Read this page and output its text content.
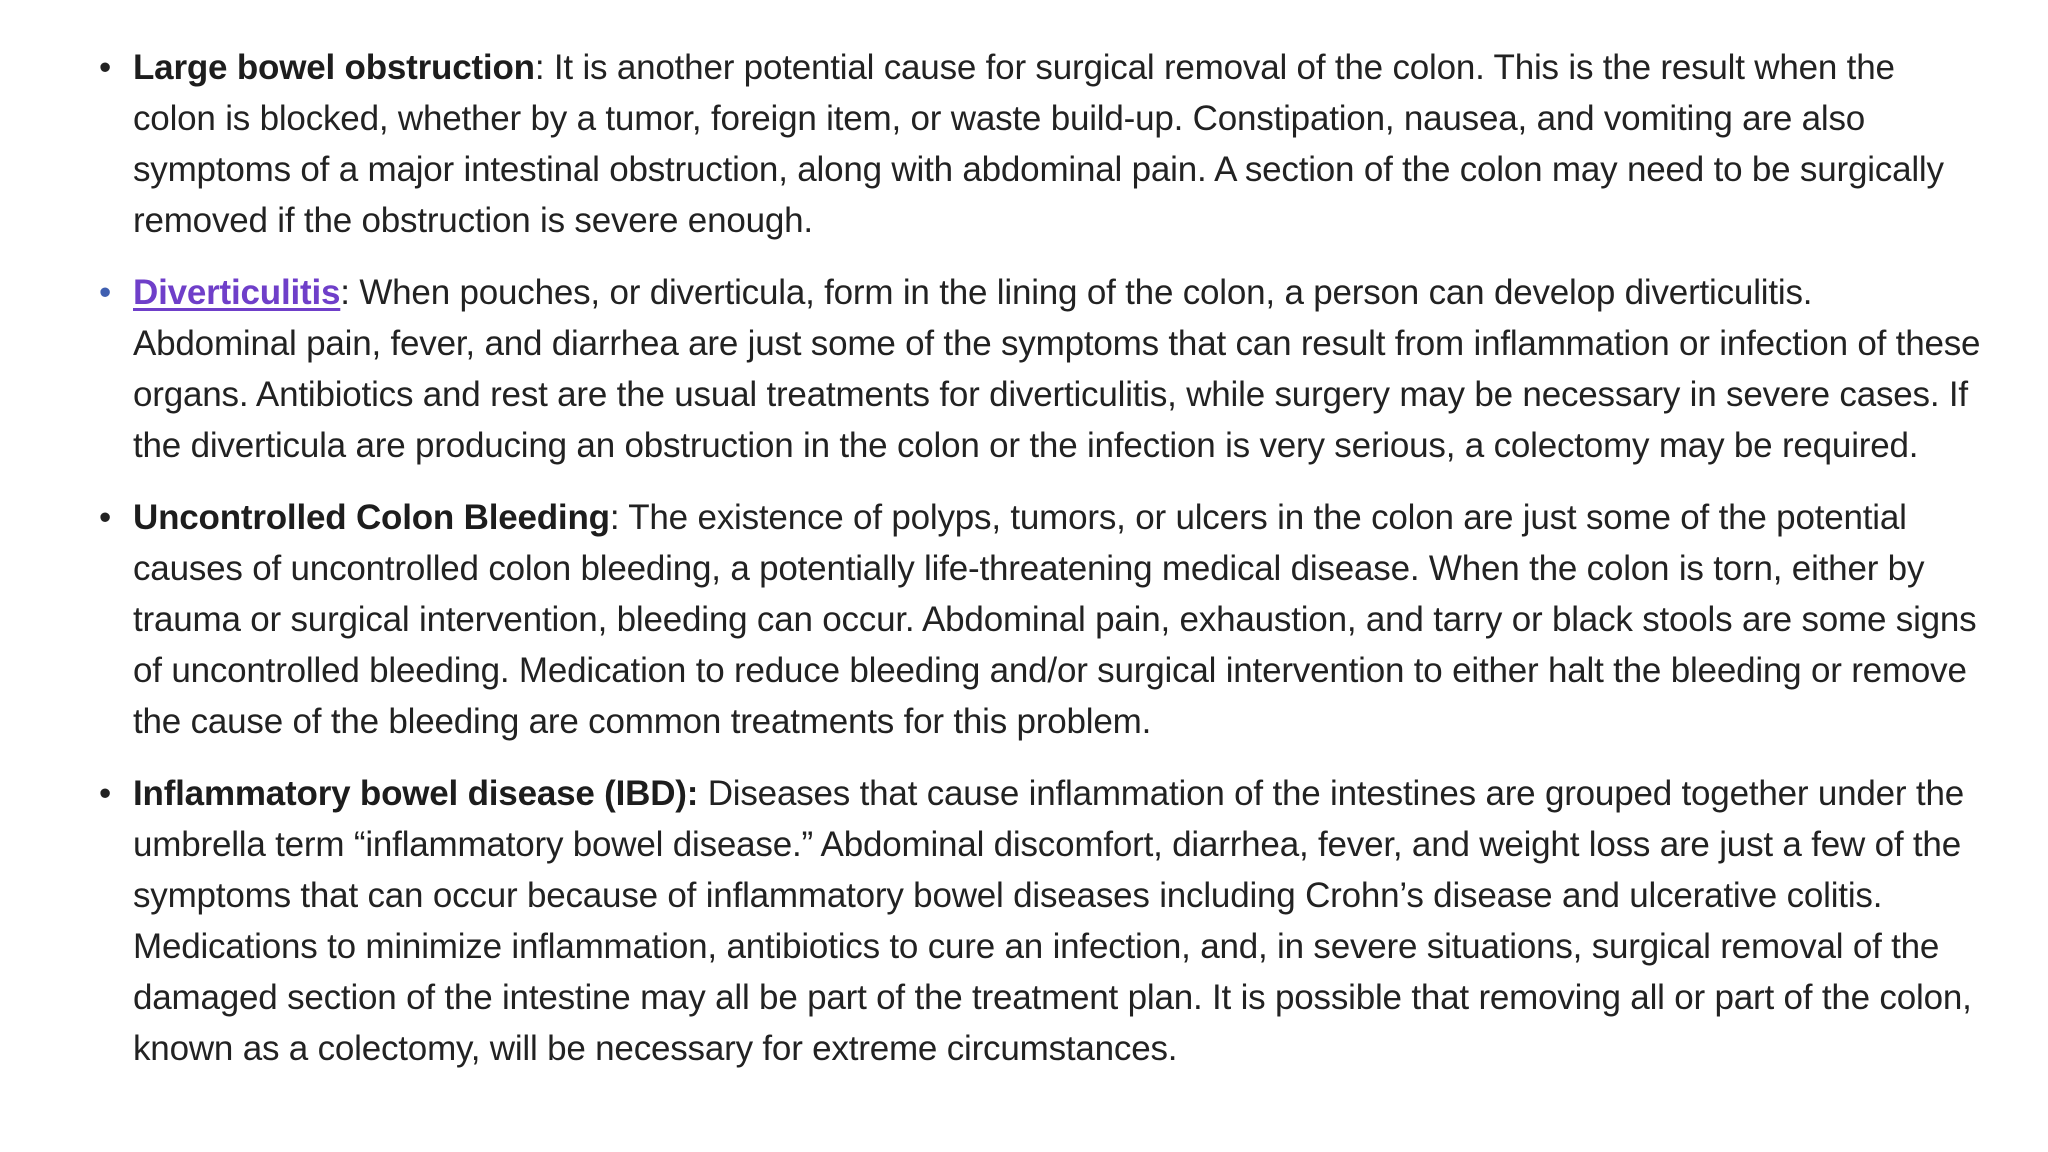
• Large bowel obstruction: It is another potential cause for surgical removal of the colon. This is the result when the colon is blocked, whether by a tumor, foreign item, or waste build-up. Constipation, nausea, and vomiting are also symptoms of a major intestinal obstruction, along with abdominal pain. A section of the colon may need to be surgically removed if the obstruction is severe enough.
• Diverticulitis: When pouches, or diverticula, form in the lining of the colon, a person can develop diverticulitis. Abdominal pain, fever, and diarrhea are just some of the symptoms that can result from inflammation or infection of these organs. Antibiotics and rest are the usual treatments for diverticulitis, while surgery may be necessary in severe cases. If the diverticula are producing an obstruction in the colon or the infection is very serious, a colectomy may be required.
• Uncontrolled Colon Bleeding: The existence of polyps, tumors, or ulcers in the colon are just some of the potential causes of uncontrolled colon bleeding, a potentially life-threatening medical disease. When the colon is torn, either by trauma or surgical intervention, bleeding can occur. Abdominal pain, exhaustion, and tarry or black stools are some signs of uncontrolled bleeding. Medication to reduce bleeding and/or surgical intervention to either halt the bleeding or remove the cause of the bleeding are common treatments for this problem.
• Inflammatory bowel disease (IBD): Diseases that cause inflammation of the intestines are grouped together under the umbrella term “inflammatory bowel disease.” Abdominal discomfort, diarrhea, fever, and weight loss are just a few of the symptoms that can occur because of inflammatory bowel diseases including Crohn’s disease and ulcerative colitis. Medications to minimize inflammation, antibiotics to cure an infection, and, in severe situations, surgical removal of the damaged section of the intestine may all be part of the treatment plan. It is possible that removing all or part of the colon, known as a colectomy, will be necessary for extreme circumstances.
